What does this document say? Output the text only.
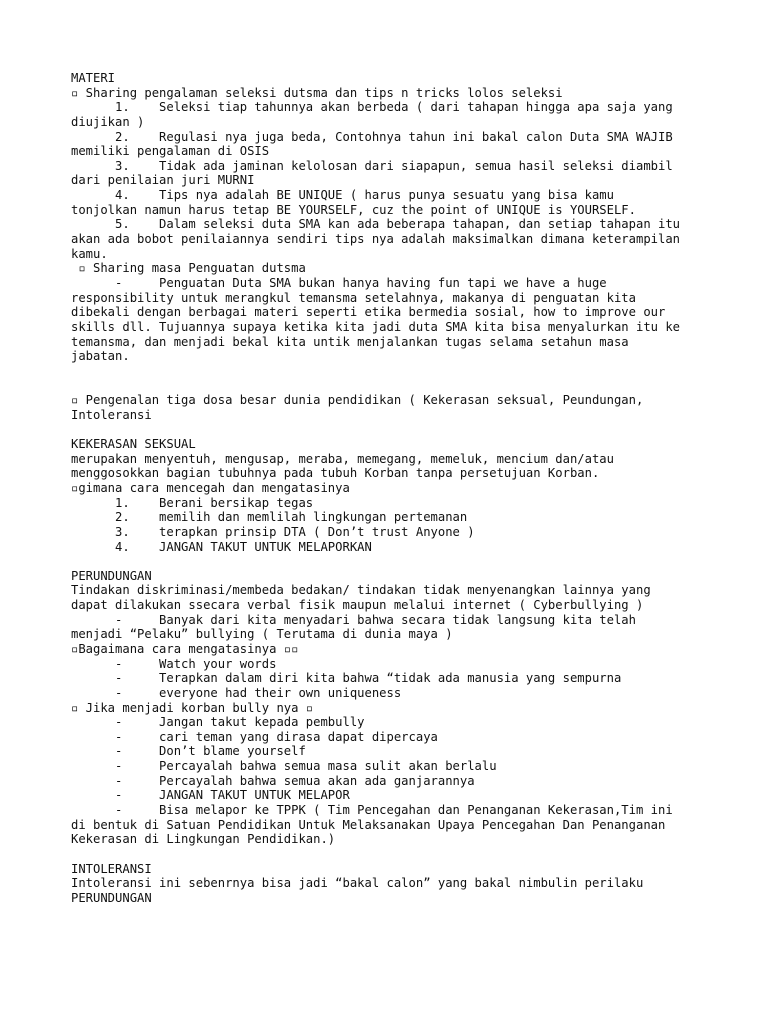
MATERI
▫ Sharing pengalaman seleksi dutsma dan tips n tricks lolos seleksi
1.    Seleksi tiap tahunnya akan berbeda ( dari tahapan hingga apa saja yang
diujikan )
2.    Regulasi nya juga beda, Contohnya tahun ini bakal calon Duta SMA WAJIB
memiliki pengalaman di OSIS
3.    Tidak ada jaminan kelolosan dari siapapun, semua hasil seleksi diambil
dari penilaian juri MURNI
4.    Tips nya adalah BE UNIQUE ( harus punya sesuatu yang bisa kamu
tonjolkan namun harus tetap BE YOURSELF, cuz the point of UNIQUE is YOURSELF.
5.    Dalam seleksi duta SMA kan ada beberapa tahapan, dan setiap tahapan itu
akan ada bobot penilaiannya sendiri tips nya adalah maksimalkan dimana keterampilan
kamu.
▫ Sharing masa Penguatan dutsma
-     Penguatan Duta SMA bukan hanya having fun tapi we have a huge
responsibility untuk merangkul temansma setelahnya, makanya di penguatan kita
dibekali dengan berbagai materi seperti etika bermedia sosial, how to improve our
skills dll. Tujuannya supaya ketika kita jadi duta SMA kita bisa menyalurkan itu ke
temansma, dan menjadi bekal kita untik menjalankan tugas selama setahun masa
jabatan.
▫ Pengenalan tiga dosa besar dunia pendidikan ( Kekerasan seksual, Peundungan,
Intoleransi
KEKERASAN SEKSUAL
merupakan menyentuh, mengusap, meraba, memegang, memeluk, mencium dan/atau
menggosokkan bagian tubuhnya pada tubuh Korban tanpa persetujuan Korban.
▫gimana cara mencegah dan mengatasinya
1.    Berani bersikap tegas
2.    memilih dan memlilah lingkungan pertemanan
3.    terapkan prinsip DTA ( Don’t trust Anyone )
4.    JANGAN TAKUT UNTUK MELAPORKAN
PERUNDUNGAN
Tindakan diskriminasi/membeda bedakan/ tindakan tidak menyenangkan lainnya yang
dapat dilakukan ssecara verbal fisik maupun melalui internet ( Cyberbullying )
-     Banyak dari kita menyadari bahwa secara tidak langsung kita telah
menjadi “Pelaku” bullying ( Terutama di dunia maya )
▫Bagaimana cara mengatasinya ▫▫
-     Watch your words
-     Terapkan dalam diri kita bahwa “tidak ada manusia yang sempurna
-     everyone had their own uniqueness
▫ Jika menjadi korban bully nya ▫
-     Jangan takut kepada pembully
-     cari teman yang dirasa dapat dipercaya
-     Don’t blame yourself
-     Percayalah bahwa semua masa sulit akan berlalu
-     Percayalah bahwa semua akan ada ganjarannya
-     JANGAN TAKUT UNTUK MELAPOR
-     Bisa melapor ke TPPK ( Tim Pencegahan dan Penanganan Kekerasan,Tim ini
di bentuk di Satuan Pendidikan Untuk Melaksanakan Upaya Pencegahan Dan Penanganan
Kekerasan di Lingkungan Pendidikan.)
INTOLERANSI
Intoleransi ini sebenrnya bisa jadi “bakal calon” yang bakal nimbulin perilaku
PERUNDUNGAN
